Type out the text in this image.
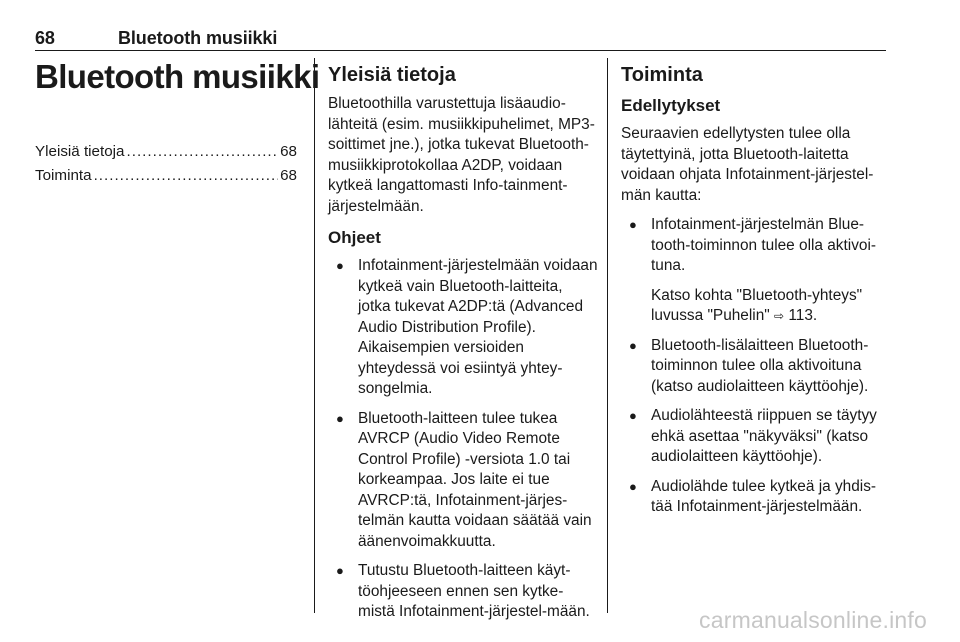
68	Bluetooth musiikki
Bluetooth musiikki
Yleisiä tietoja .....	68
Toiminta .....	68
Yleisiä tietoja

Bluetoothilla varustettuja lisäaudio-lähteitä (esim. musiikkipuhelimet, MP3-soittimet jne.), jotka tukevat Bluetooth-musiikkiprotokollaa A2DP, voidaan kytkeä langattomasti Info-tainment-järjestelmään.

Ohjeet
● Infotainment-järjestelmään voidaan kytkeä vain Bluetooth-laitteita, jotka tukevat A2DP:tä (Advanced Audio Distribution Profile). Aikaisempien versioiden yhteydessä voi esiintyä yhtey-songelmia.
● Bluetooth-laitteen tulee tukea AVRCP (Audio Video Remote Control Profile) -versiota 1.0 tai korkeampaa. Jos laite ei tue AVRCP:tä, Infotainment-järjes-telmän kautta voidaan säätää vain äänenvoimakkuutta.
● Tutustu Bluetooth-laitteen käyt-töohjeeseen ennen sen kytke-mistä Infotainment-järjestel-mään.
Toiminta
Edellytykset

Seuraavien edellytysten tulee olla täytettyinä, jotta Bluetooth-laitetta voidaan ohjata Infotainment-järjestel-män kautta:

● Infotainment-järjestelmän Blue-tooth-toiminnon tulee olla aktivoi-tuna.
Katso kohta "Bluetooth-yhteys" luvussa "Puhelin" ⇨ 113.
● Bluetooth-lisälaitteen Bluetooth-toiminnon tulee olla aktivoituna (katso audiolaitteen käyttöohje).
● Audiolähteestä riippuen se täytyy ehkä asettaa "näkyväksi" (katso audiolaitteen käyttöohje).
● Audiolähde tulee kytkeä ja yhdis-tää Infotainment-järjestelmään.
carmanualsonline.info
